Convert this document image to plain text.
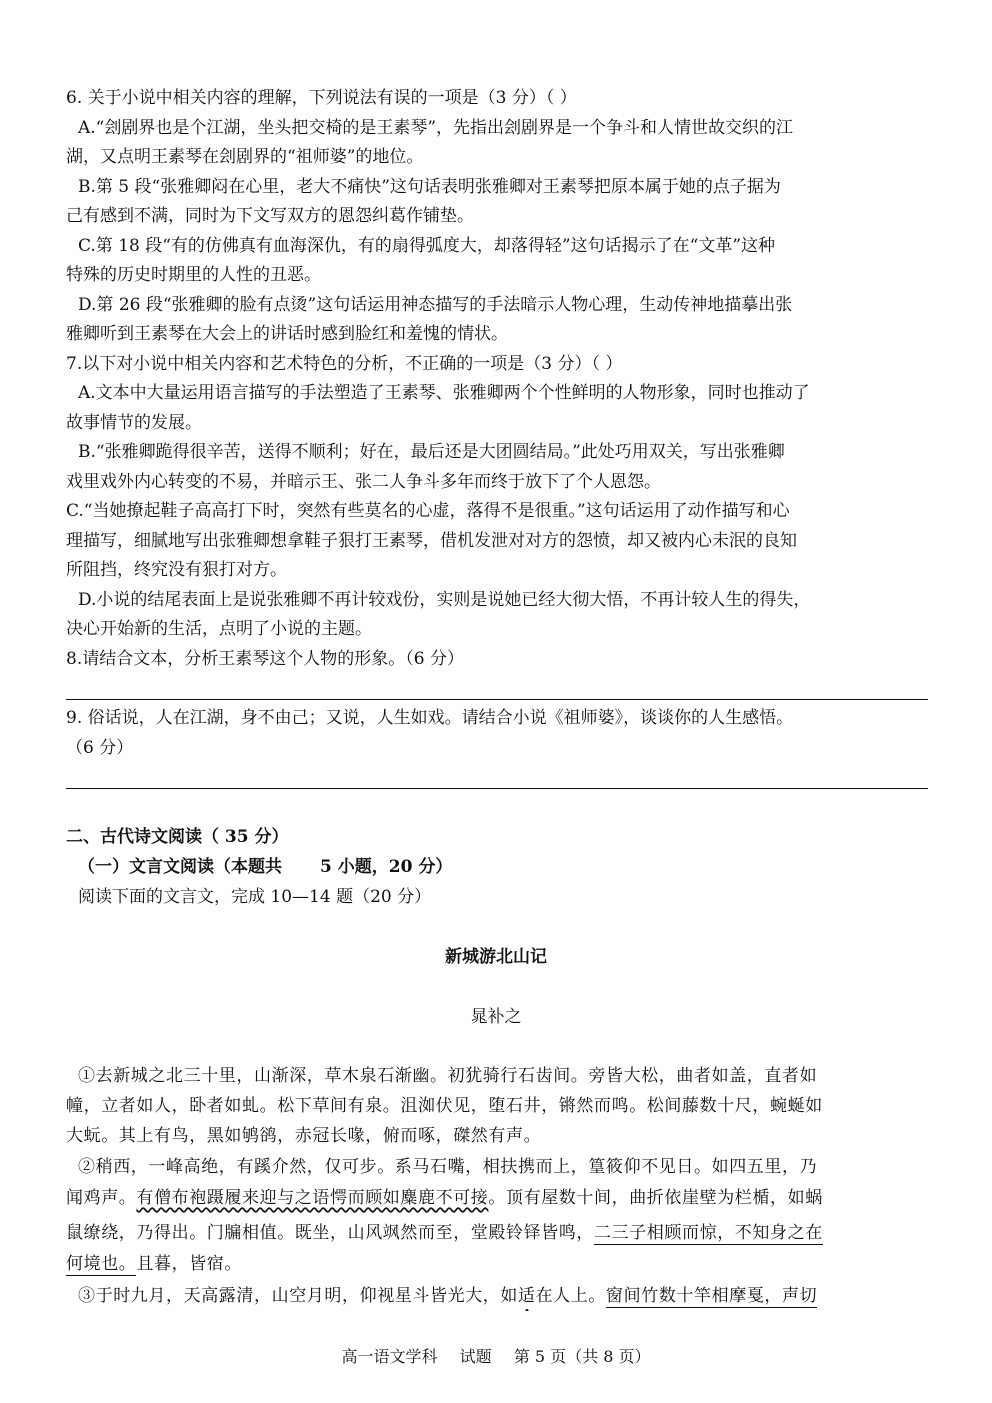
6. 关于小说中相关内容的理解，下列说法有误的一项是（3 分）（ ）
A.“刽剧界也是个江湖，坐头把交椅的是王素琴”，先指出刽剧界是一个争斗和人情世故交织的江
湖，又点明王素琴在刽剧界的“祖师婆”的地位。
B.第 5 段“张雅卿闷在心里，老大不痛快”这句话表明张雅卿对王素琴把原本属于她的点子据为
己有感到不满，同时为下文写双方的恩怨纠葛作铺垫。
C.第 18 段“有的仿佛真有血海深仇，有的扇得弧度大，却落得轻”这句话揭示了在“文革”这种
特殊的历史时期里的人性的丑恶。
D.第 26 段“张雅卿的脸有点烫”这句话运用神态描写的手法暗示人物心理，生动传神地描摹出张
雅卿听到王素琴在大会上的讲话时感到脸红和羞愧的情状。
7.以下对小说中相关内容和艺术特色的分析，不正确的一项是（3 分）（ ）
A.文本中大量运用语言描写的手法塑造了王素琴、张雅卿两个个性鲜明的人物形象，同时也推动了
故事情节的发展。
B.“张雅卿跪得很辛苦，送得不顺利；好在，最后还是大团圆结局。”此处巧用双关，写出张雅卿
戏里戏外内心转变的不易，并暗示王、张二人争斗多年而终于放下了个人恩怨。
C.“当她撩起鞋子高高打下时，突然有些莫名的心虚，落得不是很重。”这句话运用了动作描写和心
理描写，细腻地写出张雅卿想拿鞋子狠打王素琴，借机发泄对对方的怨愤，却又被内心未泯的良知
所阻挡，终究没有狠打对方。
D.小说的结尾表面上是说张雅卿不再计较戏份，实则是说她已经大彻大悟，不再计较人生的得失，
决心开始新的生活，点明了小说的主题。
8.请结合文本，分析王素琴这个人物的形象。（6 分）
9. 俗话说，人在江湖，身不由己；又说，人生如戏。请结合小说《祖师婆》，谈谈你的人生感悟。
（6 分）
二、古代诗文阅读（ 35 分）
（一）文言文阅读（本题共 5 小题，20 分）
阅读下面的文言文，完成 10—14 题（20 分）
新城游北山记
晁补之
①去新城之北三十里，山渐深，草木泉石渐幽。初犹骑行石齿间。旁皆大松，曲者如盖，直者如
幢，立者如人，卧者如虬。松下草间有泉。沮洳伏见，堕石井，锵然而鸣。松间藤数十尺，蜿蜒如
大蚖。其上有鸟，黑如鸲鹆，赤冠长喙，俯而啄，磔然有声。
②稍西，一峰高绝，有蹊介然，仅可步。系马石嘴，相扶携而上，篁筱仰不见日。如四五里，乃
闻鸡声。有僧布袍蹑履来迎与之语愕而顾如麋鹿不可接。顶有屋数十间，曲折依崖壁为栏楯，如蜗
鼠缭绕，乃得出。门牖相值。既坐，山风飒然而至，堂殿铃铎皆鸣，二三子相顾而惊，不知身之在
何境也。且暮，皆宿。
③于时九月，天高露清，山空月明，仰视星斗皆光大，如适在人上。窗间竹数十竿相摩戛，声切
高一语文学科 试题 第 5 页（共 8 页）
